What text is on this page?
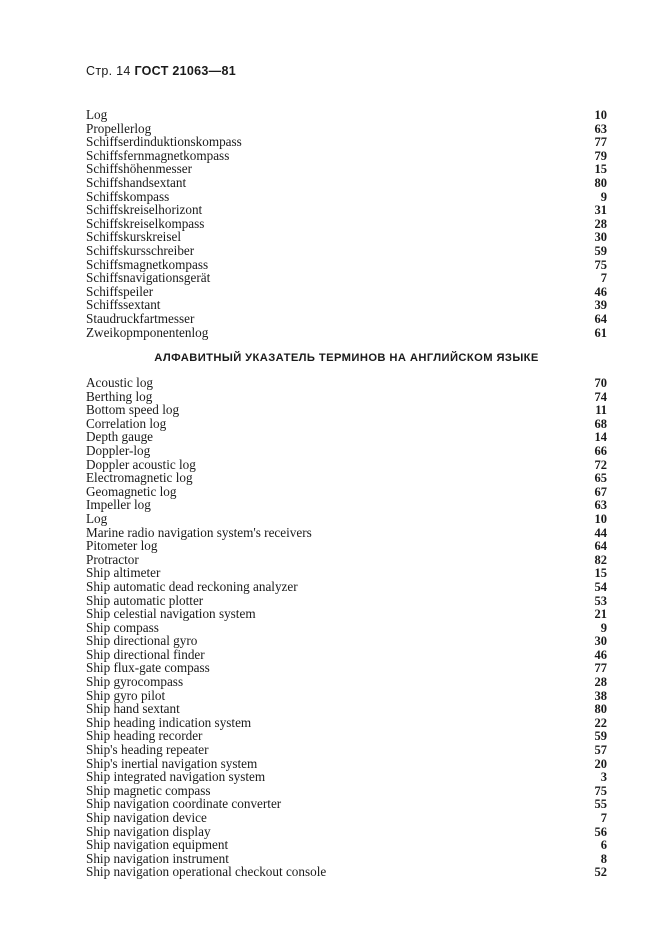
Стр. 14 ГОСТ 21063—81
Log	10
Propellerlog	63
Schiffserdinduktionskompass	77
Schiffsfernmagnetkompass	79
Schiffshöhenmesser	15
Schiffshandsextant	80
Schiffskompass	9
Schiffskreiselhorizont	31
Schiffskreiselkompass	28
Schiffskurskreisel	30
Schiffskursschreiber	59
Schiffsmagnetkompass	75
Schiffsnavigationsgerät	7
Schiffspeiler	46
Schiffssextant	39
Staudruckfartmesser	64
Zweikopmponentenlog	61
АЛФАВИТНЫЙ УКАЗАТЕЛЬ ТЕРМИНОВ НА АНГЛИЙСКОМ ЯЗЫКЕ
Acoustic log	70
Berthing log	74
Bottom speed log	11
Correlation log	68
Depth gauge	14
Doppler-log	66
Doppler acoustic log	72
Electromagnetic log	65
Geomagnetic log	67
Impeller log	63
Log	10
Marine radio navigation system's receivers	44
Pitometer log	64
Protractor	82
Ship altimeter	15
Ship automatic dead reckoning analyzer	54
Ship automatic plotter	53
Ship celestial navigation system	21
Ship compass	9
Ship directional gyro	30
Ship directional finder	46
Ship flux-gate compass	77
Ship gyrocompass	28
Ship gyro pilot	38
Ship hand sextant	80
Ship heading indication system	22
Ship heading recorder	59
Ship's heading repeater	57
Ship's inertial navigation system	20
Ship integrated navigation system	3
Ship magnetic compass	75
Ship navigation coordinate converter	55
Ship navigation device	7
Ship navigation display	56
Ship navigation equipment	6
Ship navigation instrument	8
Ship navigation operational checkout console	52
